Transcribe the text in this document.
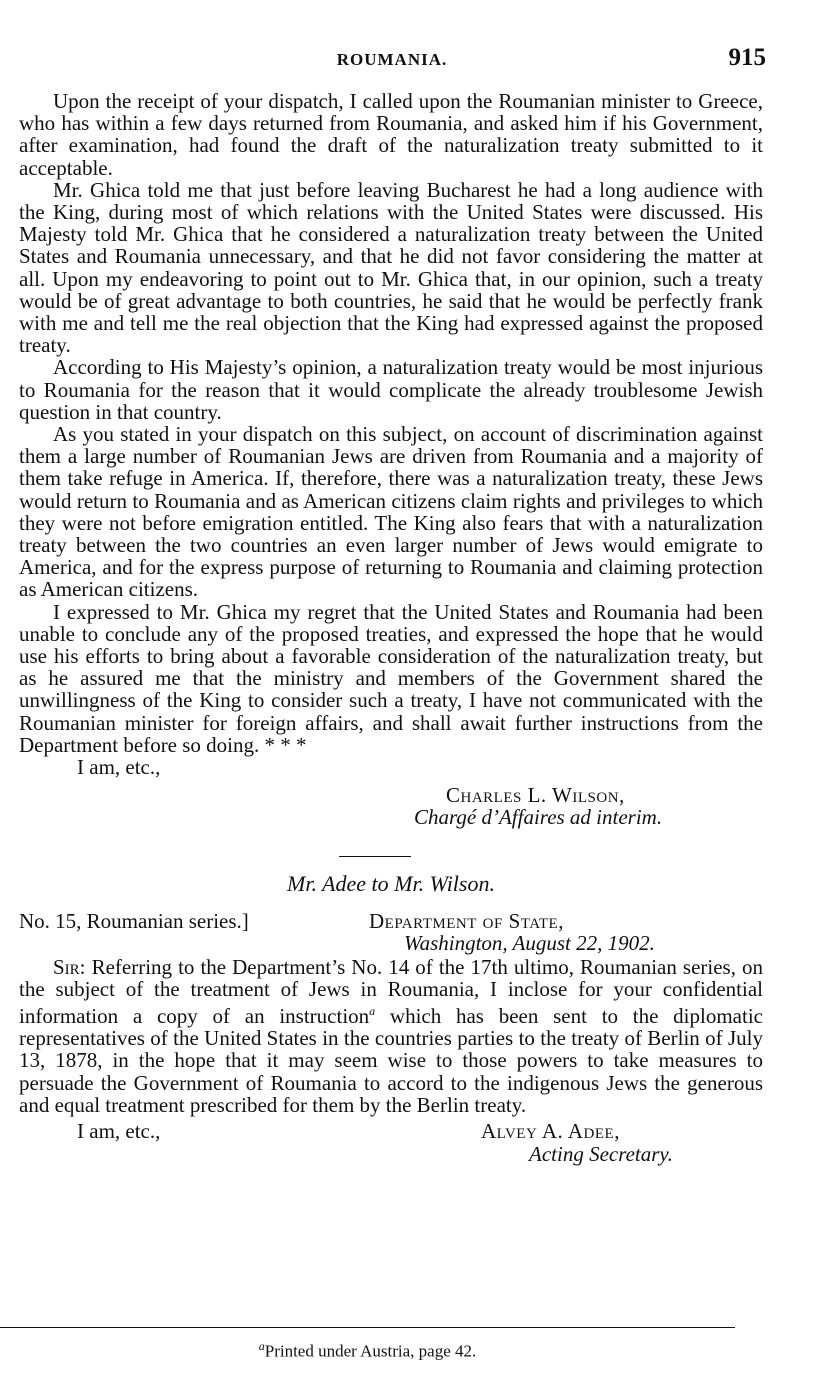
ROUMANIA.	915

Upon the receipt of your dispatch, I called upon the Roumanian minister to Greece, who has within a few days returned from Roumania, and asked him if his Government, after examination, had found the draft of the naturalization treaty submitted to it acceptable.

Mr. Ghica told me that just before leaving Bucharest he had a long audience with the King, during most of which relations with the United States were discussed. His Majesty told Mr. Ghica that he considered a naturalization treaty between the United States and Roumania unnecessary, and that he did not favor considering the matter at all. Upon my endeavoring to point out to Mr. Ghica that, in our opinion, such a treaty would be of great advantage to both countries, he said that he would be perfectly frank with me and tell me the real objection that the King had expressed against the proposed treaty.

According to His Majesty’s opinion, a naturalization treaty would be most injurious to Roumania for the reason that it would complicate the already troublesome Jewish question in that country.

As you stated in your dispatch on this subject, on account of discrimination against them a large number of Roumanian Jews are driven from Roumania and a majority of them take refuge in America. If, therefore, there was a naturalization treaty, these Jews would return to Roumania and as American citizens claim rights and privileges to which they were not before emigration entitled. The King also fears that with a naturalization treaty between the two countries an even larger number of Jews would emigrate to America, and for the express purpose of returning to Roumania and claiming protection as American citizens.

I expressed to Mr. Ghica my regret that the United States and Roumania had been unable to conclude any of the proposed treaties, and expressed the hope that he would use his efforts to bring about a favorable consideration of the naturalization treaty, but as he assured me that the ministry and members of the Government shared the unwillingness of the King to consider such a treaty, I have not communicated with the Roumanian minister for foreign affairs, and shall await further instructions from the Department before so doing. * * *

I am, etc.,
Charles L. Wilson,
Chargé d’Affaires ad interim.
Mr. Adee to Mr. Wilson.
No. 15, Roumanian series.]	Department of State,
Washington, August 22, 1902.

Sir: Referring to the Department’s No. 14 of the 17th ultimo, Roumanian series, on the subject of the treatment of Jews in Roumania, I inclose for your confidential information a copy of an instruction$^a$ which has been sent to the diplomatic representatives of the United States in the countries parties to the treaty of Berlin of July 13, 1878, in the hope that it may seem wise to those powers to take measures to persuade the Government of Roumania to accord to the indigenous Jews the generous and equal treatment prescribed for them by the Berlin treaty.

I am, etc.,	Alvey A. Adee,
Acting Secretary.
$^a$Printed under Austria, page 42.
